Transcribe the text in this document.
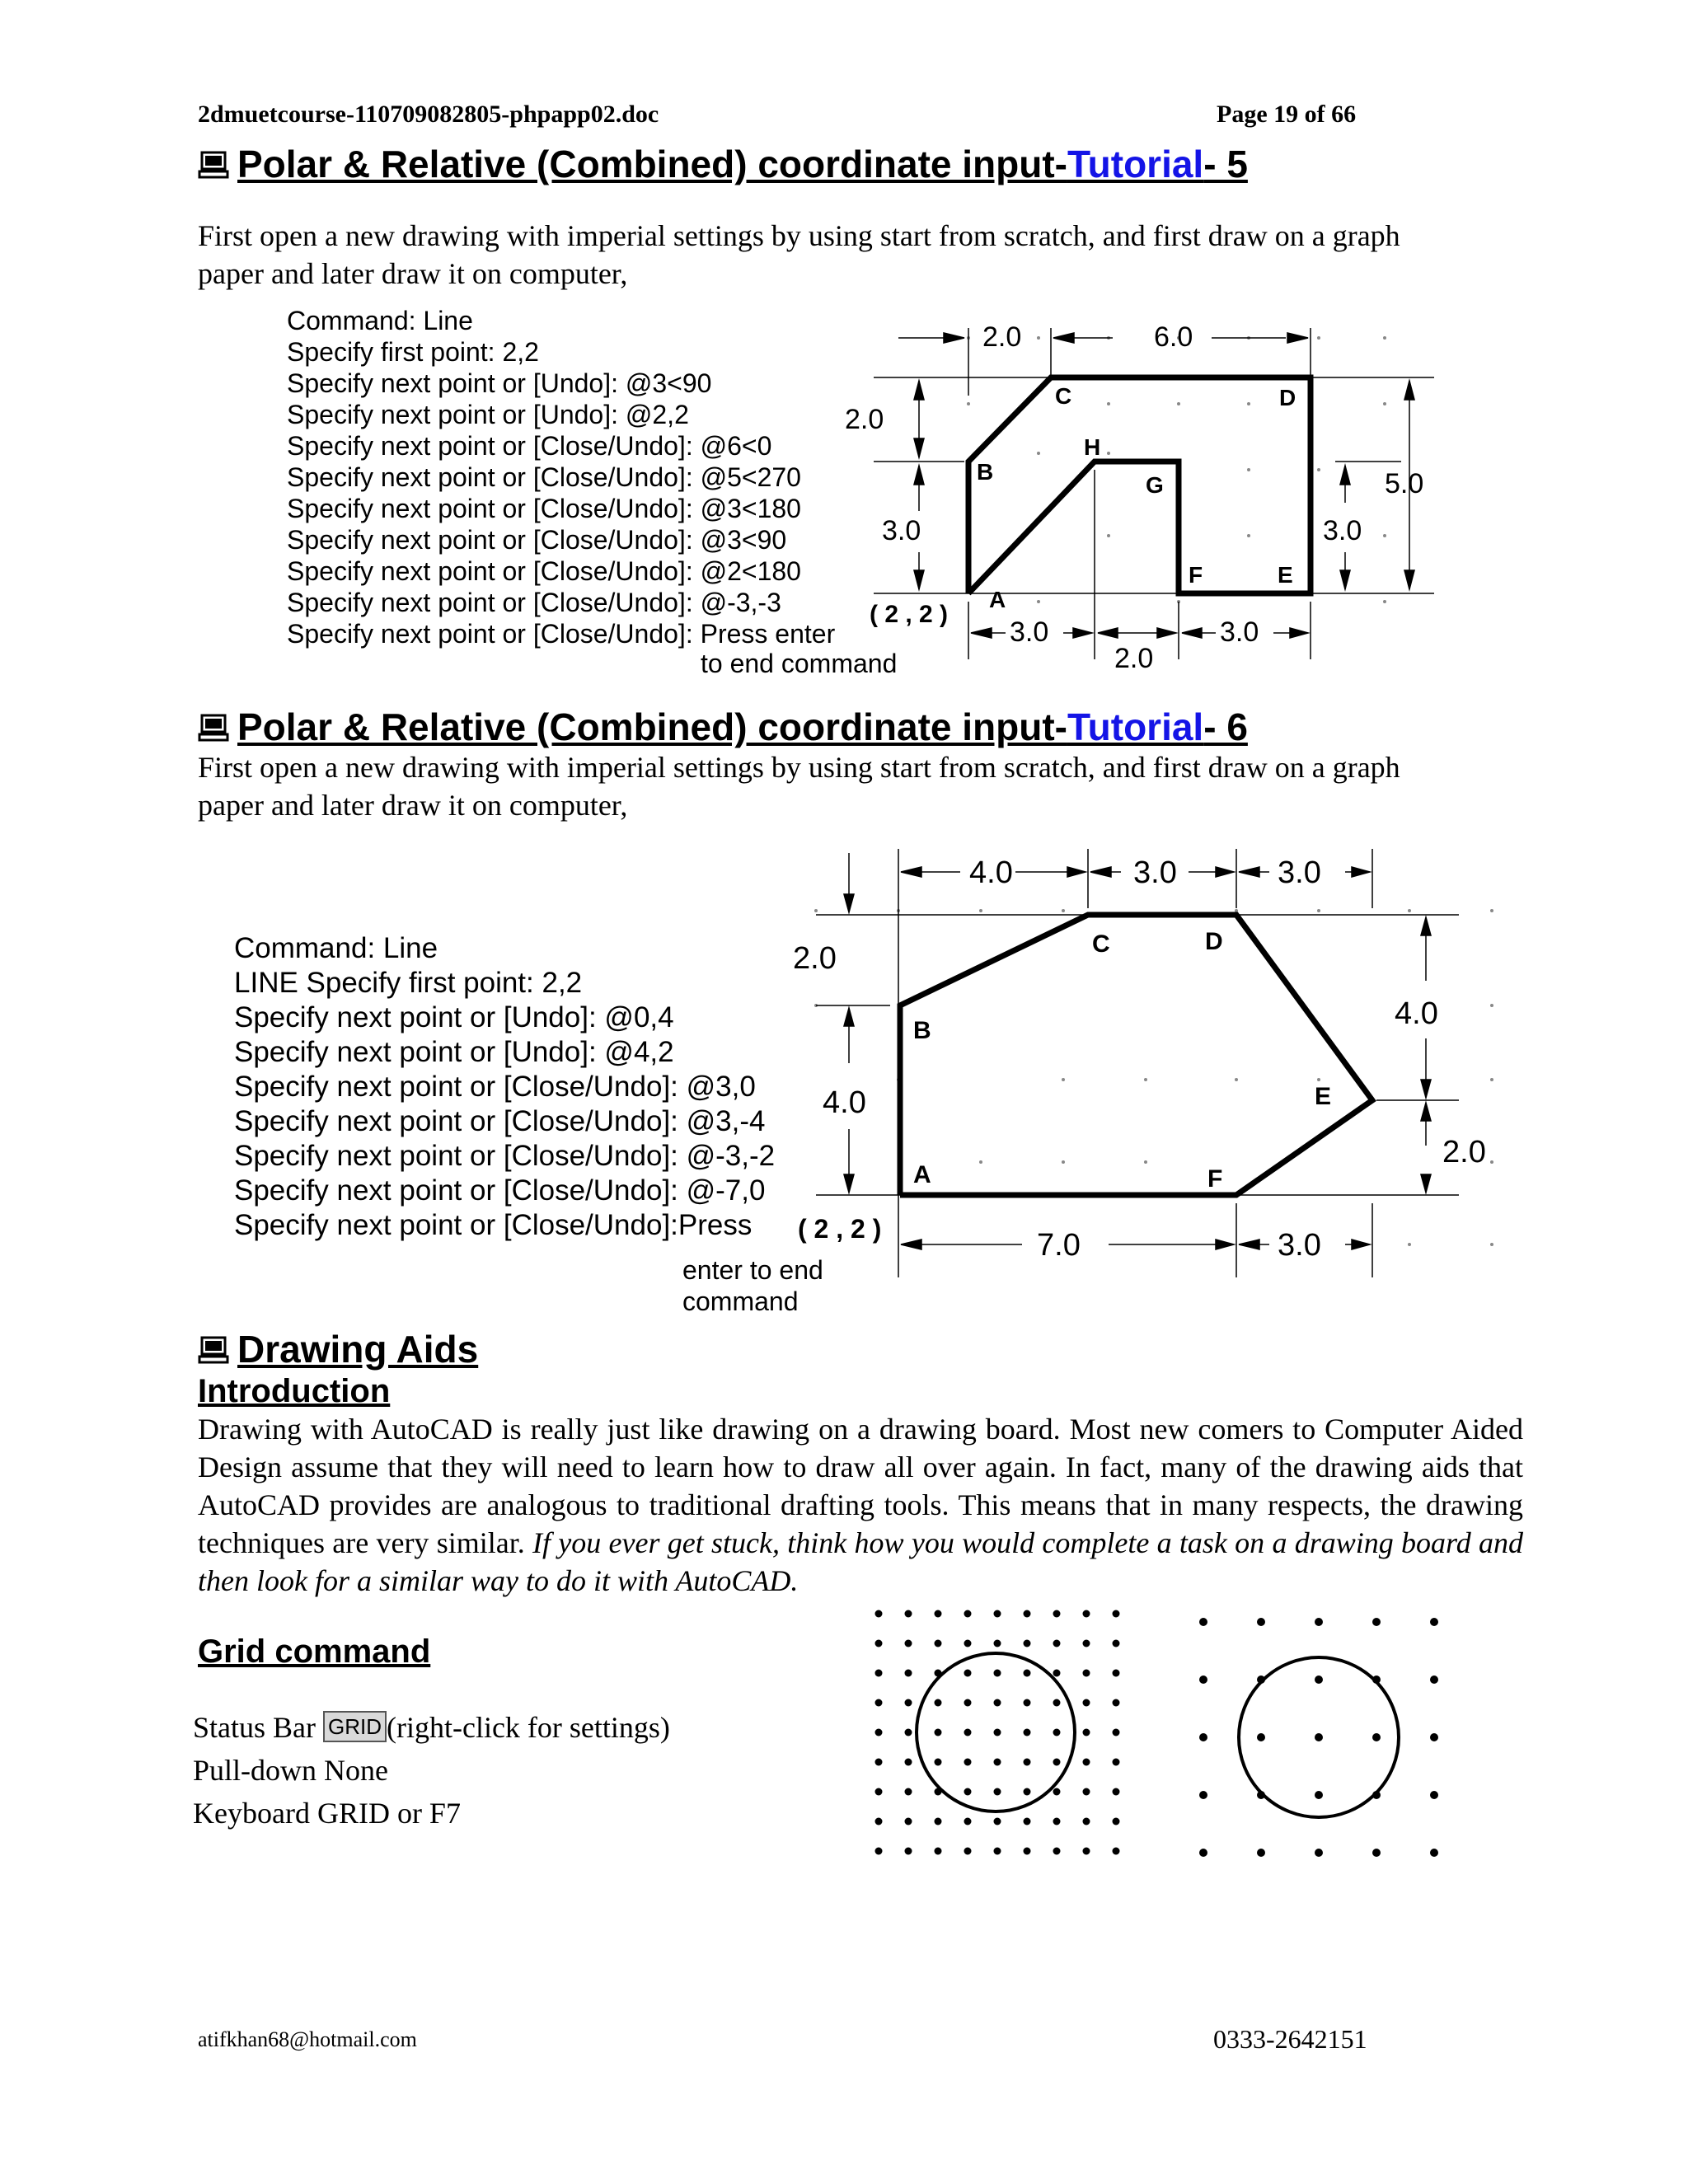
2dmuetcourse-110709082805-phpapp02.doc	Page 19 of 66
Polar & Relative (Combined) coordinate input-Tutorial- 5
First open a new drawing with imperial settings by using start from scratch, and first draw on a graph paper and later draw it on computer,
Command: Line
Specify first point: 2,2
Specify next point or [Undo]: @3<90
Specify next point or [Undo]: @2,2
Specify next point or [Close/Undo]: @6<0
Specify next point or [Close/Undo]: @5<270
Specify next point or [Close/Undo]: @3<180
Specify next point or [Close/Undo]: @3<90
Specify next point or [Close/Undo]: @2<180
Specify next point or [Close/Undo]: @-3,-3
Specify next point or [Close/Undo]: Press enter
to end command
2.0	6.0
2.0
3.0
5.0
3.0
3.0
2.0
3.0
( 2 , 2 )
A
B
C	D
E
F
G
H
Polar & Relative (Combined) coordinate input-Tutorial- 6
First open a new drawing with imperial settings by using start from scratch, and first draw on a graph paper and later draw it on computer,
Command: Line
LINE Specify first point: 2,2
Specify next point or [Undo]: @0,4
Specify next point or [Undo]: @4,2
Specify next point or [Close/Undo]: @3,0
Specify next point or [Close/Undo]: @3,-4
Specify next point or [Close/Undo]: @-3,-2
Specify next point or [Close/Undo]: @-7,0
Specify next point or [Close/Undo]:Press
enter to end
command
4.0	3.0	3.0
2.0
4.0
4.0
2.0
7.0	3.0
( 2 , 2 )
A
B
C	D
E
F
Drawing Aids
Introduction
Drawing with AutoCAD is really just like drawing on a drawing board. Most new comers to Computer Aided Design assume that they will need to learn how to draw all over again. In fact, many of the drawing aids that AutoCAD provides are analogous to traditional drafting tools. This means that in many respects, the drawing techniques are very similar. If you ever get stuck, think how you would complete a task on a drawing board and then look for a similar way to do it with AutoCAD.
Grid command
Status Bar GRID (right-click for settings)
Pull-down None
Keyboard GRID or F7
atifkhan68@hotmail.com	0333-2642151
